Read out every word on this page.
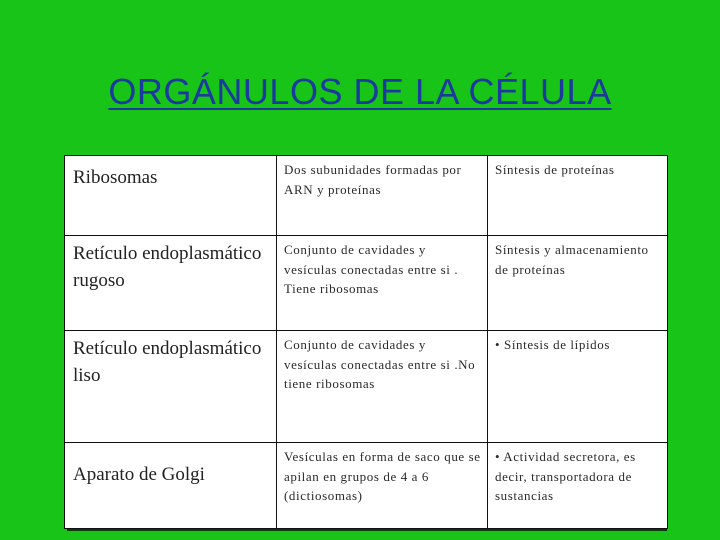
ORGÁNULOS DE LA CÉLULA
Ribosomas	Dos subunidades formadas por ARN y proteínas	Síntesis de proteínas

Retículo endoplasmático rugoso	Conjunto de cavidades y vesículas conectadas entre si . Tiene ribosomas	Síntesis y almacenamiento de proteínas

Retículo endoplasmático liso	Conjunto de cavidades y vesículas conectadas entre si .No tiene ribosomas	• Síntesis de lípidos

Aparato de Golgi	Vesículas en forma de saco que se apilan en grupos de 4 a 6 (dictiosomas)	• Actividad secretora, es decir, transportadora de sustancias
